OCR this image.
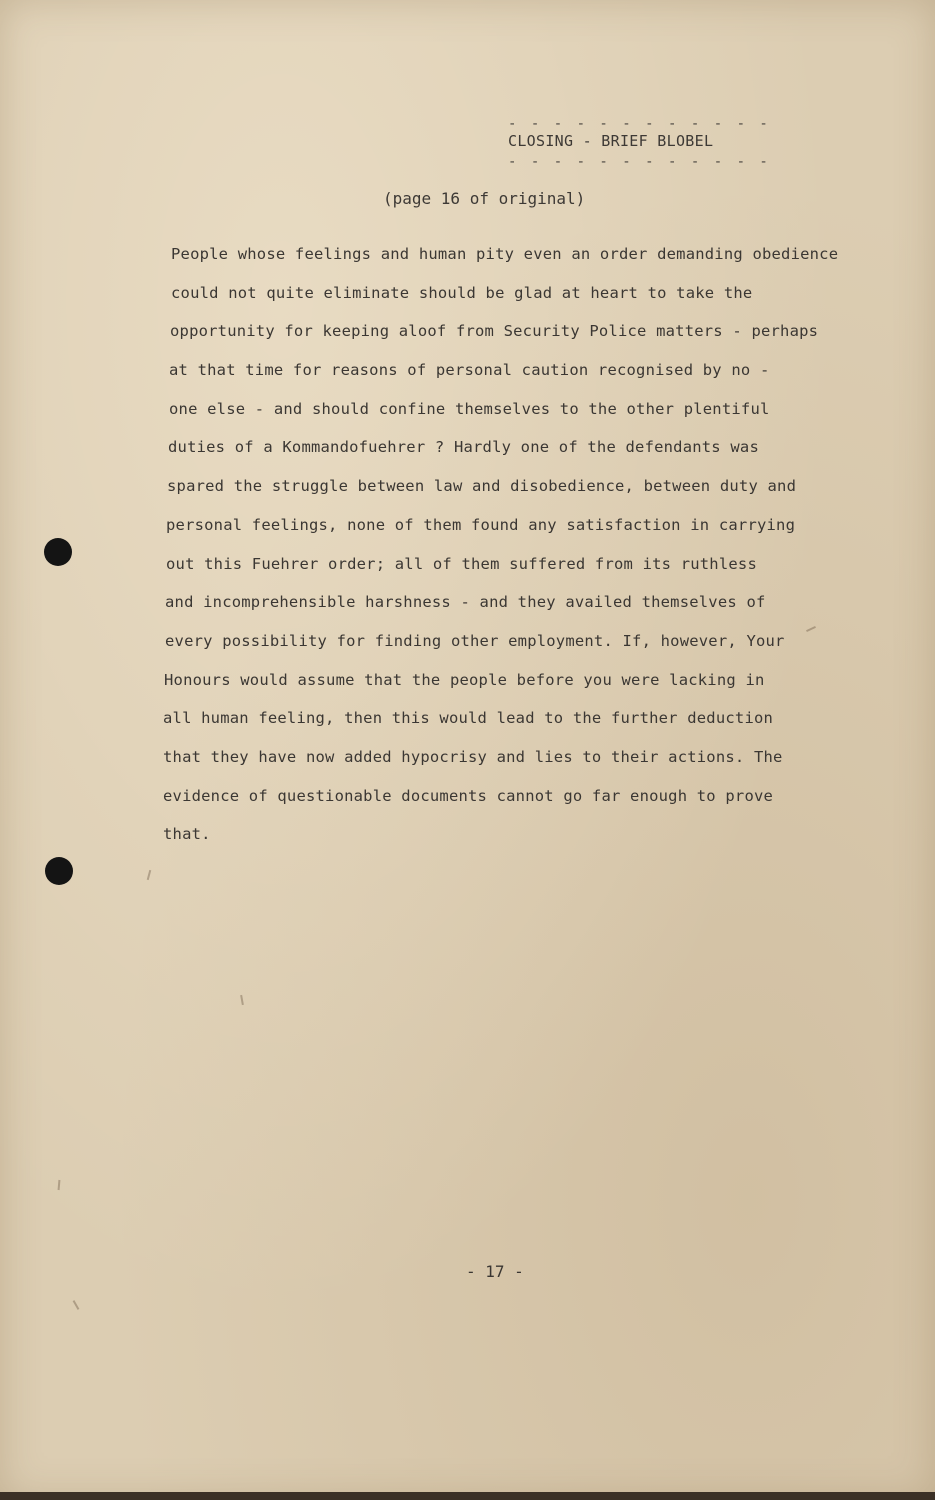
- - - - - - - - - - - -
CLOSING - BRIEF BLOBEL
- - - - - - - - - - - -
(page 16 of original)
People whose feelings and human pity even an order demanding obedience
could not quite eliminate should be glad at heart to take the
opportunity for keeping aloof from Security Police matters - perhaps
at that time for reasons of personal caution recognised by no -
one else - and should confine themselves to the other plentiful
duties of a Kommandofuehrer ? Hardly one of the defendants was
spared the struggle between law and disobedience, between duty and
personal feelings, none of them found any satisfaction in carrying
out this Fuehrer order; all of them suffered from its ruthless
and incomprehensible harshness - and they availed themselves of
every possibility for finding other employment. If, however, Your
Honours would assume that the people before you were lacking in
all human feeling, then this would lead to the further deduction
that they have now added hypocrisy and lies to their actions. The
evidence of questionable documents cannot go far enough to prove
that.
- 17 -
